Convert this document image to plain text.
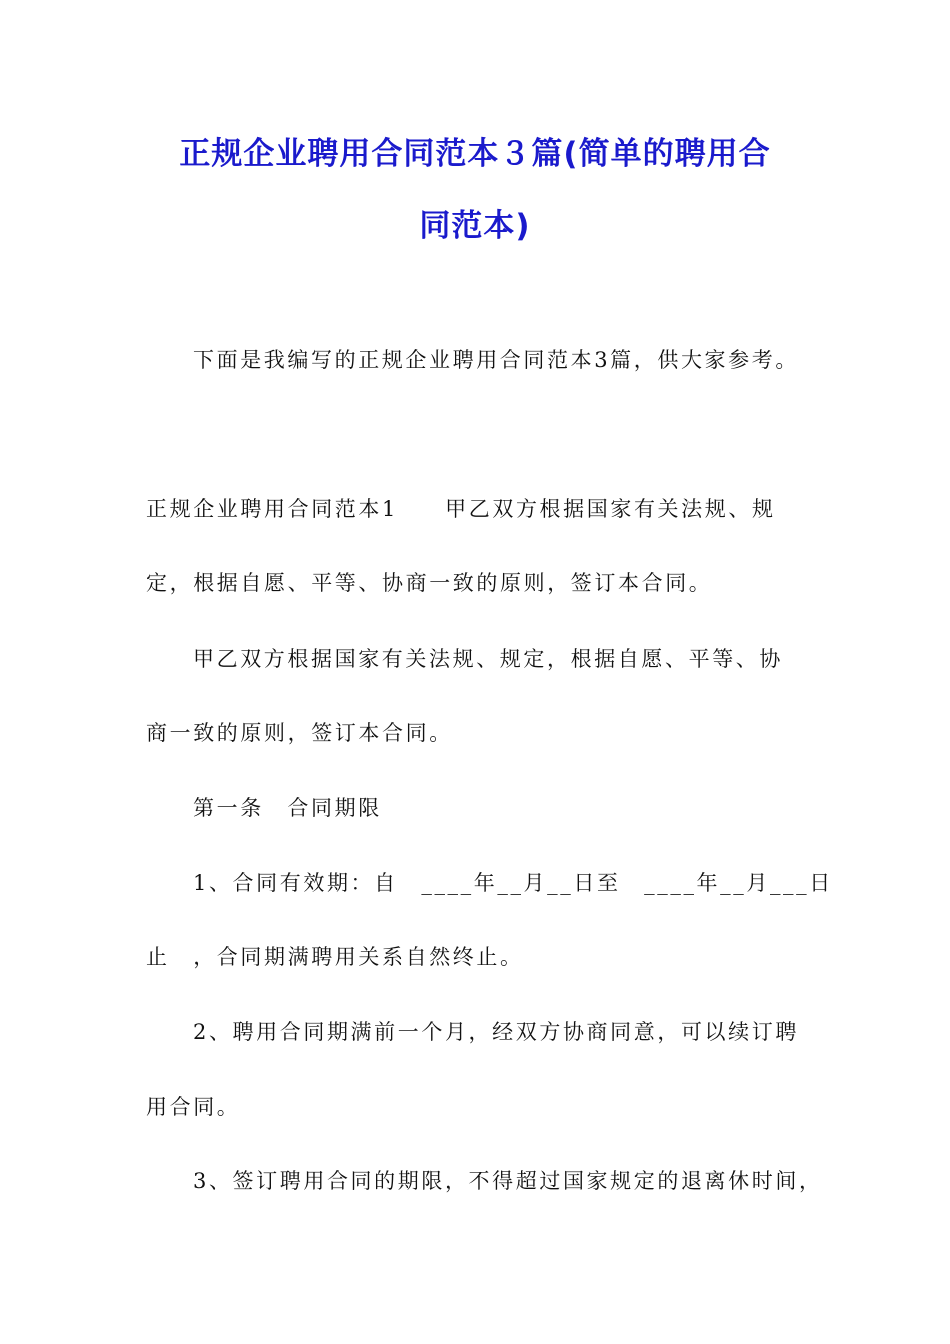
正规企业聘用合同范本３篇(简单的聘用合
同范本)
下面是我编写的正规企业聘用合同范本3篇，供大家参考。
正规企业聘用合同范本1　　甲乙双方根据国家有关法规、规
定，根据自愿、平等、协商一致的原则，签订本合同。
甲乙双方根据国家有关法规、规定，根据自愿、平等、协
商一致的原则，签订本合同。
第一条　合同期限
1、合同有效期：自　____年__月__日至　____年__月___日
止　，合同期满聘用关系自然终止。
2、聘用合同期满前一个月，经双方协商同意，可以续订聘
用合同。
3、签订聘用合同的期限，不得超过国家规定的退离休时间，
